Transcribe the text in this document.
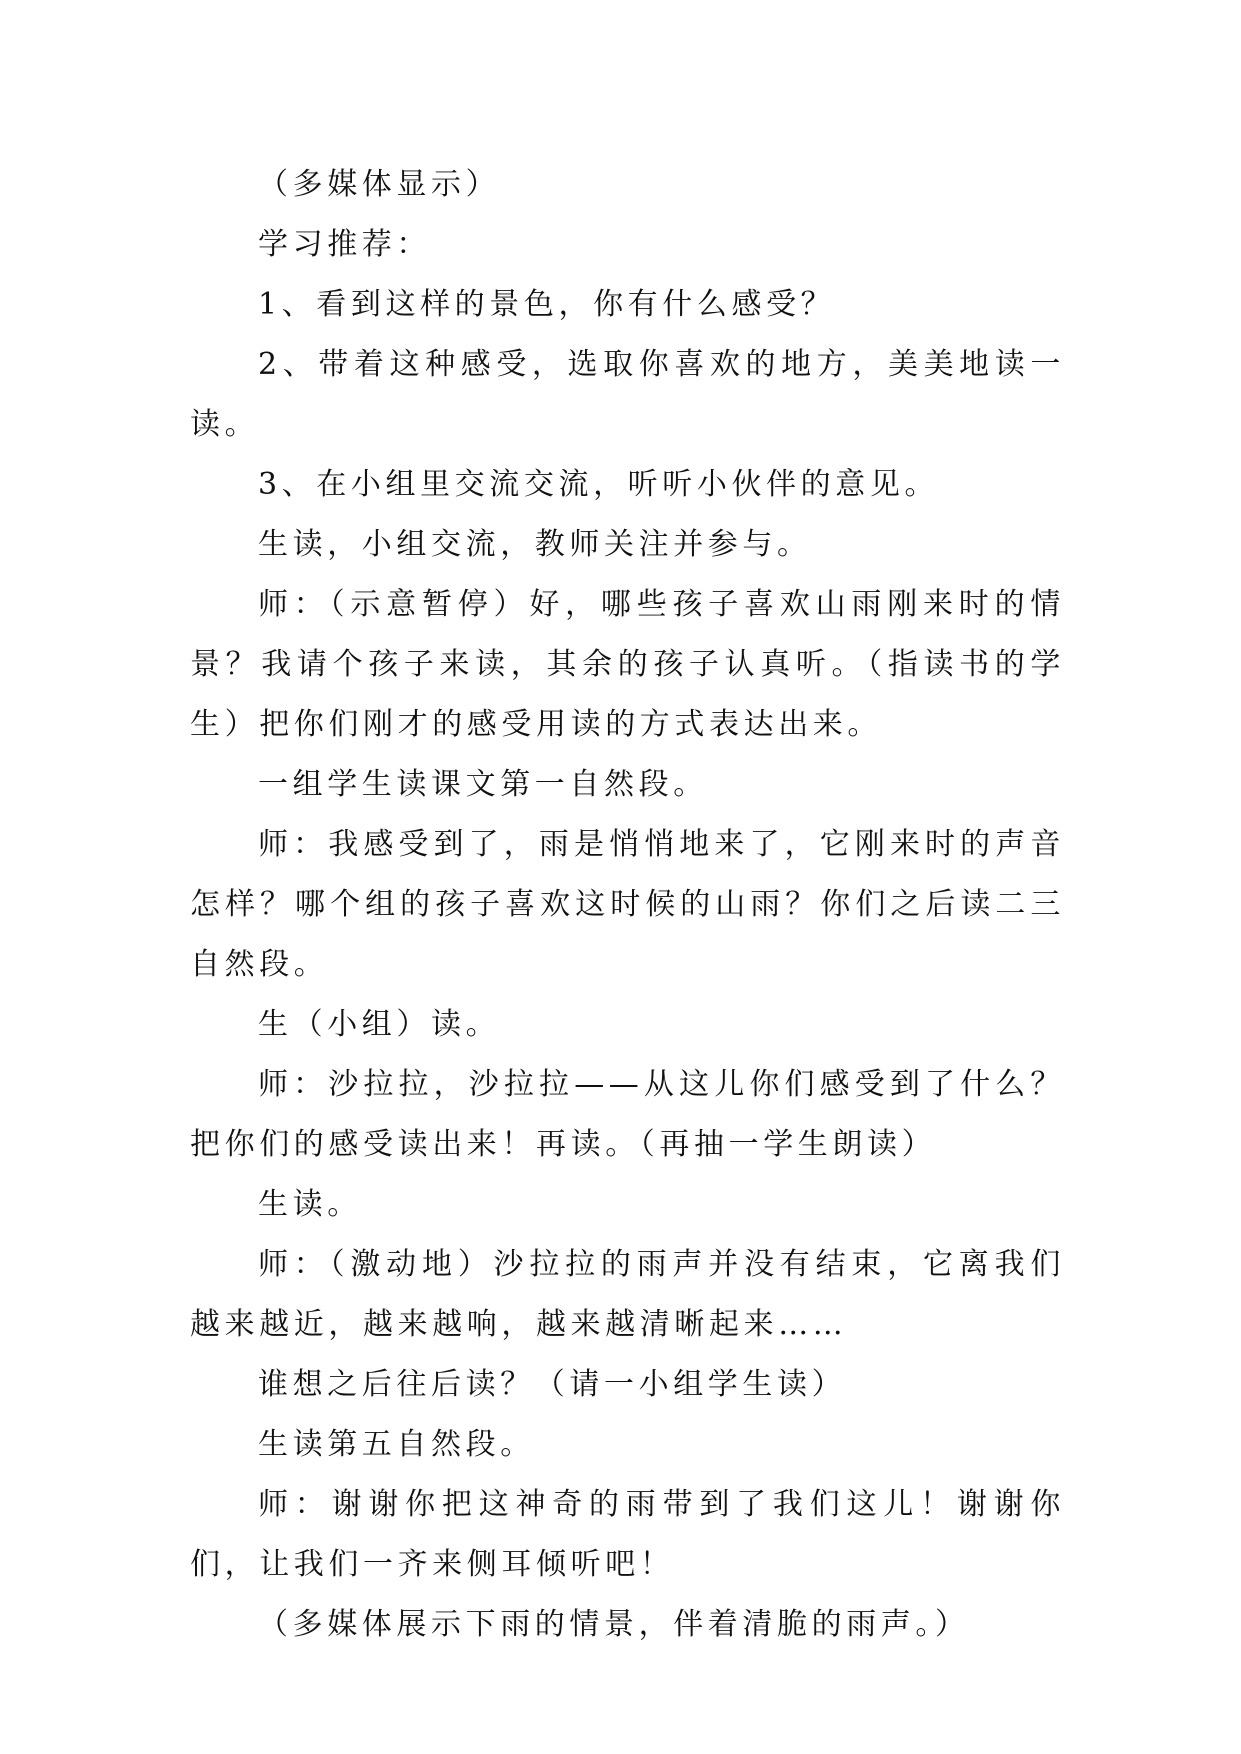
（多媒体显示）

学习推荐：

1、看到这样的景色，你有什么感受？

2、带着这种感受，选取你喜欢的地方，美美地读一读。

3、在小组里交流交流，听听小伙伴的意见。

生读，小组交流，教师关注并参与。

师：（示意暂停）好，哪些孩子喜欢山雨刚来时的情景？我请个孩子来读，其余的孩子认真听。（指读书的学生）把你们刚才的感受用读的方式表达出来。

一组学生读课文第一自然段。

师：我感受到了，雨是悄悄地来了，它刚来时的声音怎样？哪个组的孩子喜欢这时候的山雨？你们之后读二三自然段。

生（小组）读。

师：沙拉拉，沙拉拉——从这儿你们感受到了什么？把你们的感受读出来！再读。（再抽一学生朗读）

生读。

师：（激动地）沙拉拉的雨声并没有结束，它离我们越来越近，越来越响，越来越清晰起来……

谁想之后往后读？（请一小组学生读）

生读第五自然段。

师：谢谢你把这神奇的雨带到了我们这儿！谢谢你们，让我们一齐来侧耳倾听吧！

（多媒体展示下雨的情景，伴着清脆的雨声。）
